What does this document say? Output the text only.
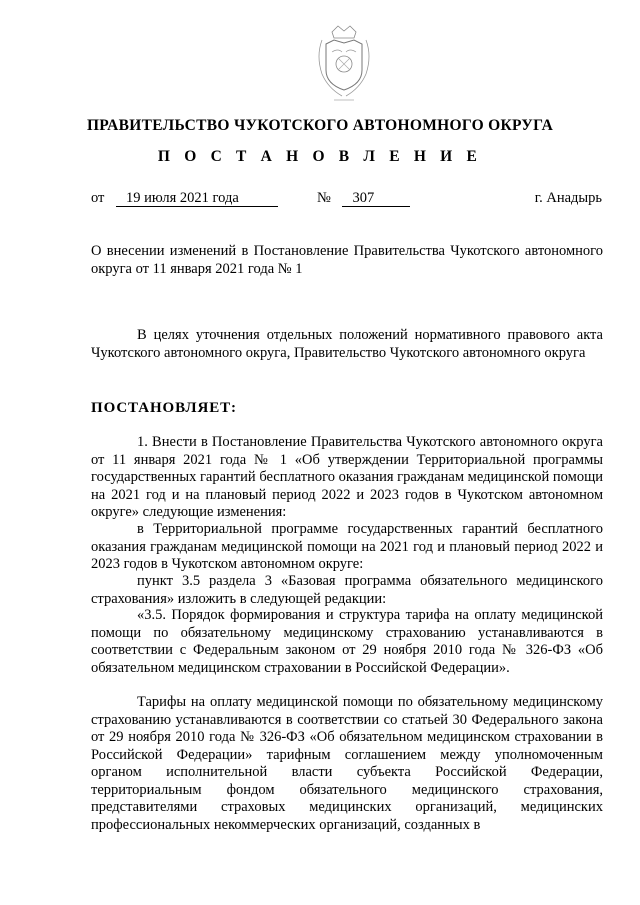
ПРАВИТЕЛЬСТВО ЧУКОТСКОГО АВТОНОМНОГО ОКРУГА
П О С Т А Н О В Л Е Н И Е
от 19 июля 2021 года	№ 307	г. Анадырь

О внесении изменений в Постановление Правительства Чукотского автономного округа от 11 января 2021 года № 1

В целях уточнения отдельных положений нормативного правового акта Чукотского автономного округа, Правительство Чукотского автономного округа

ПОСТАНОВЛЯЕТ:

1. Внести в Постановление Правительства Чукотского автономного округа от 11 января 2021 года № 1 «Об утверждении Территориальной программы государственных гарантий бесплатного оказания гражданам медицинской помощи на 2021 год и на плановый период 2022 и 2023 годов в Чукотском автономном округе» следующие изменения:

в Территориальной программе государственных гарантий бесплатного оказания гражданам медицинской помощи на 2021 год и плановый период 2022 и 2023 годов в Чукотском автономном округе:

пункт 3.5 раздела 3 «Базовая программа обязательного медицинского страхования» изложить в следующей редакции:

«3.5. Порядок формирования и структура тарифа на оплату медицинской помощи по обязательному медицинскому страхованию устанавливаются в соответствии с Федеральным законом от 29 ноября 2010 года № 326-ФЗ «Об обязательном медицинском страховании в Российской Федерации».

Тарифы на оплату медицинской помощи по обязательному медицинскому страхованию устанавливаются в соответствии со статьей 30 Федерального закона от 29 ноября 2010 года № 326-ФЗ «Об обязательном медицинском страховании в Российской Федерации» тарифным соглашением между уполномоченным органом исполнительной власти субъекта Российской Федерации, территориальным фондом обязательного медицинского страхования, представителями страховых медицинских организаций, медицинских профессиональных некоммерческих организаций, созданных в
